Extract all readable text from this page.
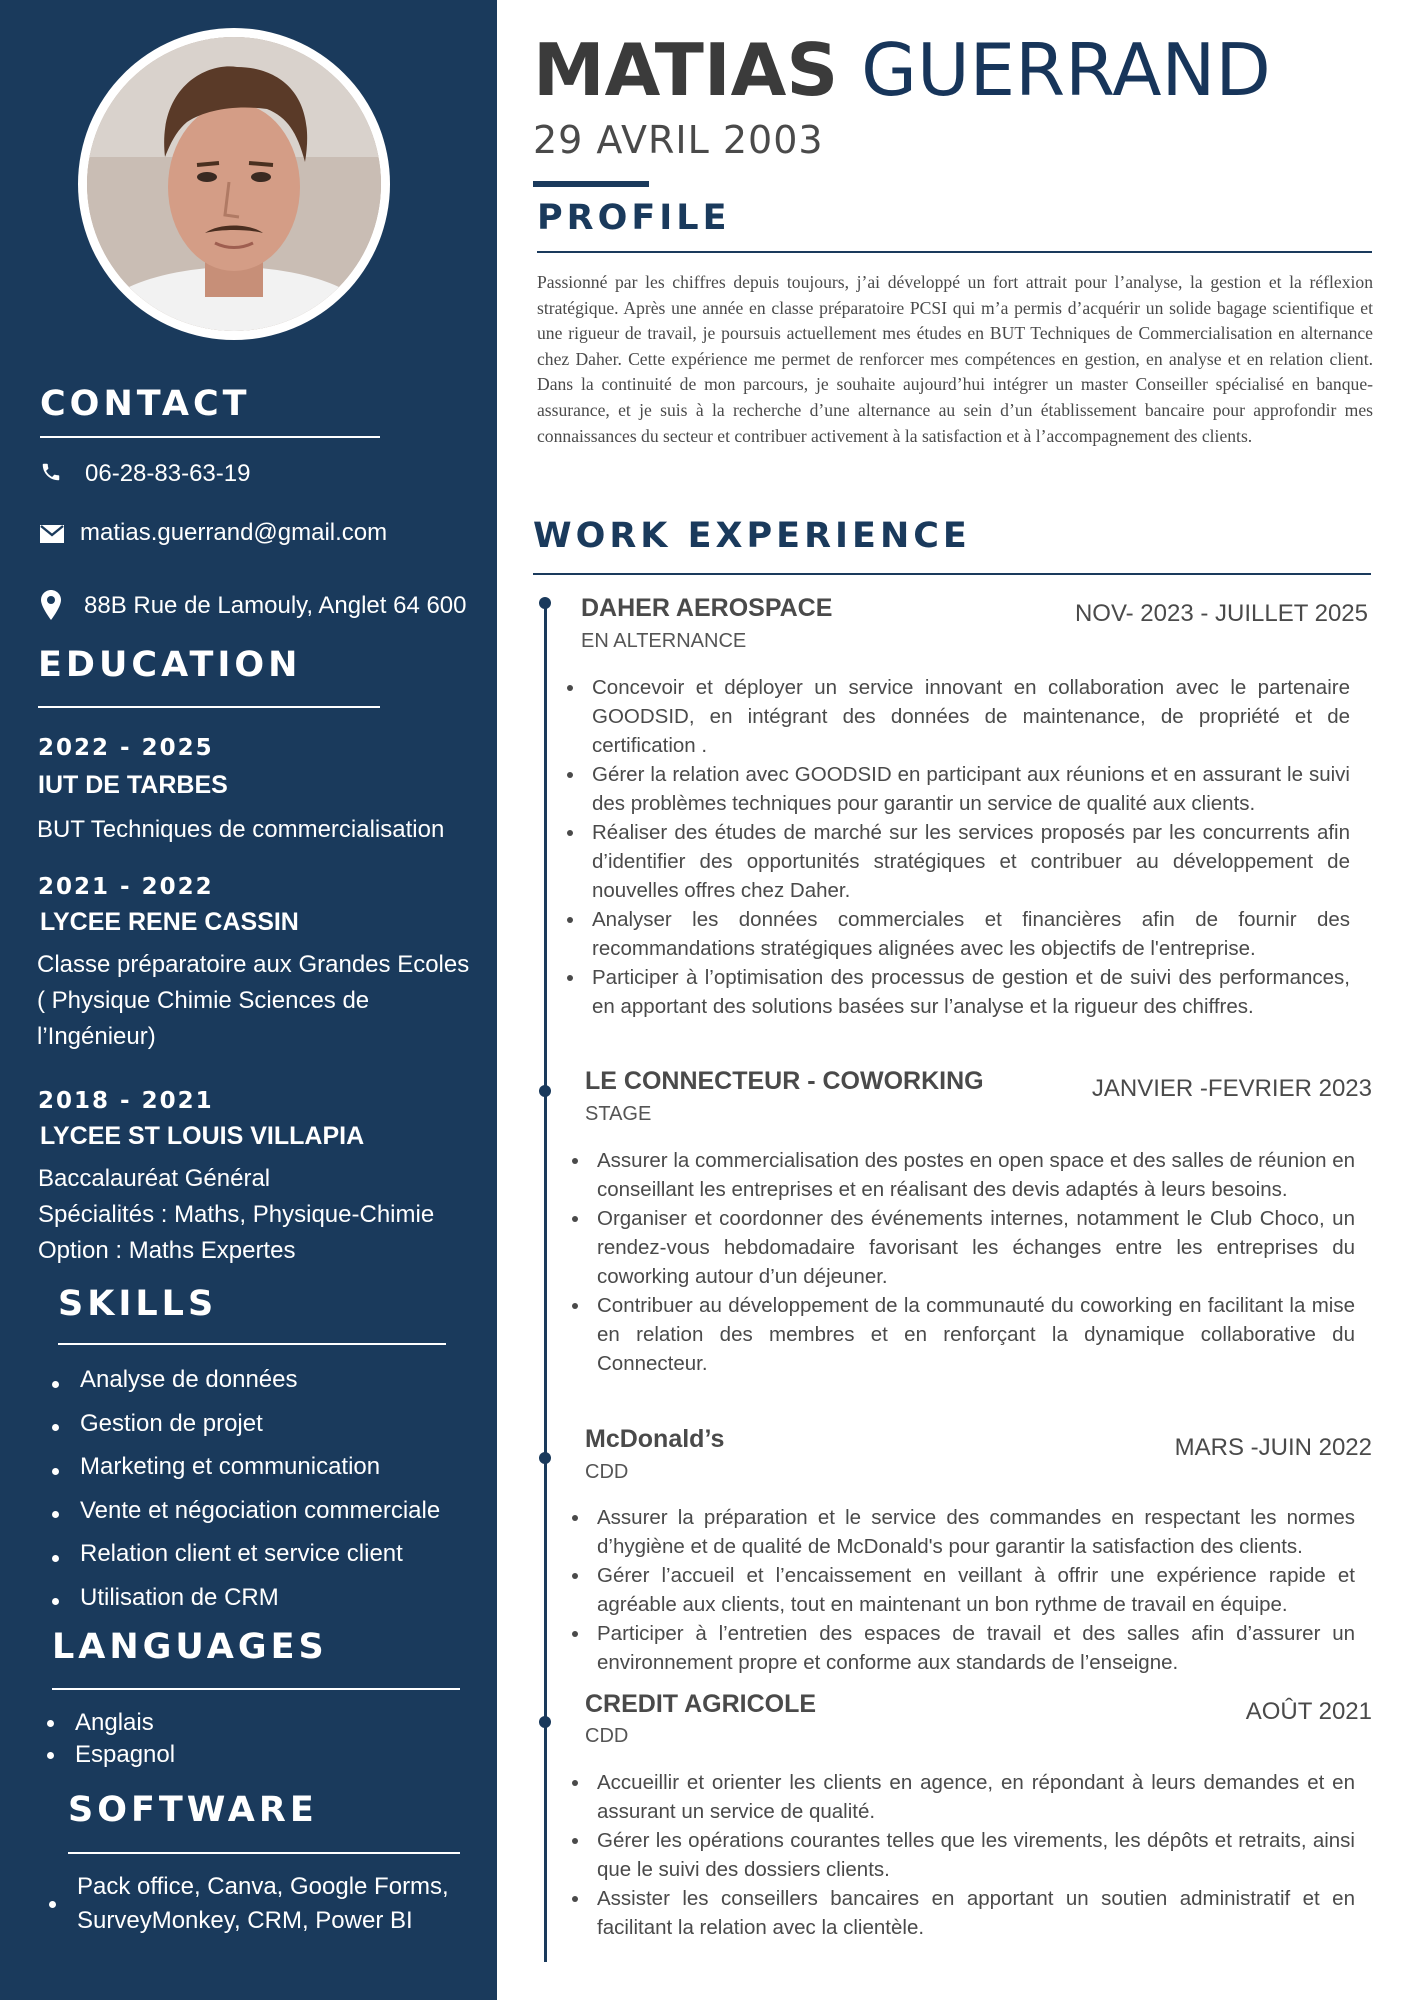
CONTACT
06-28-83-63-19
matias.guerrand@gmail.com
88B Rue de Lamouly, Anglet 64 600
EDUCATION
2022 - 2025
IUT DE TARBES
BUT Techniques de commercialisation
2021 - 2022
LYCEE RENE CASSIN
Classe préparatoire aux Grandes Ecoles ( Physique Chimie Sciences de l’Ingénieur)
2018 - 2021
LYCEE ST LOUIS VILLAPIA
Baccalauréat Général
Spécialités : Maths, Physique-Chimie
Option : Maths Expertes
SKILLS
Analyse de données
Gestion de projet
Marketing et communication
Vente et négociation commerciale
Relation client et service client
Utilisation de CRM
LANGUAGES
Anglais
Espagnol
SOFTWARE
Pack office, Canva, Google Forms, SurveyMonkey, CRM, Power BI
MATIAS GUERRAND
29 AVRIL 2003
PROFILE

Passionné par les chiffres depuis toujours, j’ai développé un fort attrait pour l’analyse, la gestion et la réflexion stratégique. Après une année en classe préparatoire PCSI qui m’a permis d’acquérir un solide bagage scientifique et une rigueur de travail, je poursuis actuellement mes études en BUT Techniques de Commercialisation en alternance chez Daher. Cette expérience me permet de renforcer mes compétences en gestion, en analyse et en relation client. Dans la continuité de mon parcours, je souhaite aujourd’hui intégrer un master Conseiller spécialisé en banque-assurance, et je suis à la recherche d’une alternance au sein d’un établissement bancaire pour approfondir mes connaissances du secteur et contribuer activement à la satisfaction et à l’accompagnement des clients.

WORK EXPERIENCE
DAHER AEROSPACE
EN ALTERNANCE
NOV- 2023 - JUILLET 2025
Concevoir et déployer un service innovant en collaboration avec le partenaire GOODSID, en intégrant des données de maintenance, de propriété et de certification .
Gérer la relation avec GOODSID en participant aux réunions et en assurant le suivi des problèmes techniques pour garantir un service de qualité aux clients.
Réaliser des études de marché sur les services proposés par les concurrents afin d’identifier des opportunités stratégiques et contribuer au développement de nouvelles offres chez Daher.
Analyser les données commerciales et financières afin de fournir des recommandations stratégiques alignées avec les objectifs de l'entreprise.
Participer à l’optimisation des processus de gestion et de suivi des performances, en apportant des solutions basées sur l’analyse et la rigueur des chiffres.
LE CONNECTEUR - COWORKING
STAGE
JANVIER -FEVRIER 2023
Assurer la commercialisation des postes en open space et des salles de réunion en conseillant les entreprises et en réalisant des devis adaptés à leurs besoins.
Organiser et coordonner des événements internes, notamment le Club Choco, un rendez-vous hebdomadaire favorisant les échanges entre les entreprises du coworking autour d’un déjeuner.
Contribuer au développement de la communauté du coworking en facilitant la mise en relation des membres et en renforçant la dynamique collaborative du Connecteur.
McDonald’s
CDD
MARS -JUIN 2022
Assurer la préparation et le service des commandes en respectant les normes d’hygiène et de qualité de McDonald's pour garantir la satisfaction des clients.
Gérer l’accueil et l’encaissement en veillant à offrir une expérience rapide et agréable aux clients, tout en maintenant un bon rythme de travail en équipe.
Participer à l’entretien des espaces de travail et des salles afin d’assurer un environnement propre et conforme aux standards de l’enseigne.
CREDIT AGRICOLE
CDD
AOÛT 2021
Accueillir et orienter les clients en agence, en répondant à leurs demandes et en assurant un service de qualité.
Gérer les opérations courantes telles que les virements, les dépôts et retraits, ainsi que le suivi des dossiers clients.
Assister les conseillers bancaires en apportant un soutien administratif et en facilitant la relation avec la clientèle.
